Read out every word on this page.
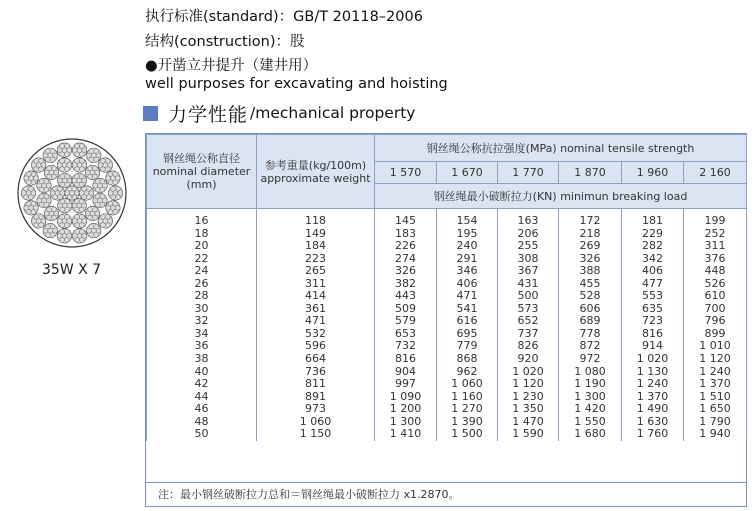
执行标准(standard)：GB/T 20118–2006
结构(construction)：股
●开凿立井提升（建井用）
well purposes for excavating and hoisting
力学性能 /mechanical property
35W X 7
钢丝绳公称直径 nominal diameter (mm)	参考重量(kg/100m) approximate weight	钢丝绳公称抗拉强度(MPa) nominal tensile strength					
		1 570	1 670	1 770	1 870	1 960	2 160
		钢丝绳最小破断拉力(KN) minimun breaking load					

16	118	145	154	163	172	181	199
18	149	183	195	206	218	229	252
20	184	226	240	255	269	282	311
22	223	274	291	308	326	342	376
24	265	326	346	367	388	406	448
26	311	382	406	431	455	477	526
28	414	443	471	500	528	553	610
30	361	509	541	573	606	635	700
32	471	579	616	652	689	723	796
34	532	653	695	737	778	816	899
36	596	732	779	826	872	914	1 010
38	664	816	868	920	972	1 020	1 120
40	736	904	962	1 020	1 080	1 130	1 240
42	811	997	1 060	1 120	1 190	1 240	1 370
44	891	1 090	1 160	1 230	1 300	1 370	1 510
46	973	1 200	1 270	1 350	1 420	1 490	1 650
48	1 060	1 300	1 390	1 470	1 550	1 630	1 790
50	1 150	1 410	1 500	1 590	1 680	1 760	1 940
注：最小钢丝破断拉力总和＝钢丝绳最小破断拉力 x1.2870。
